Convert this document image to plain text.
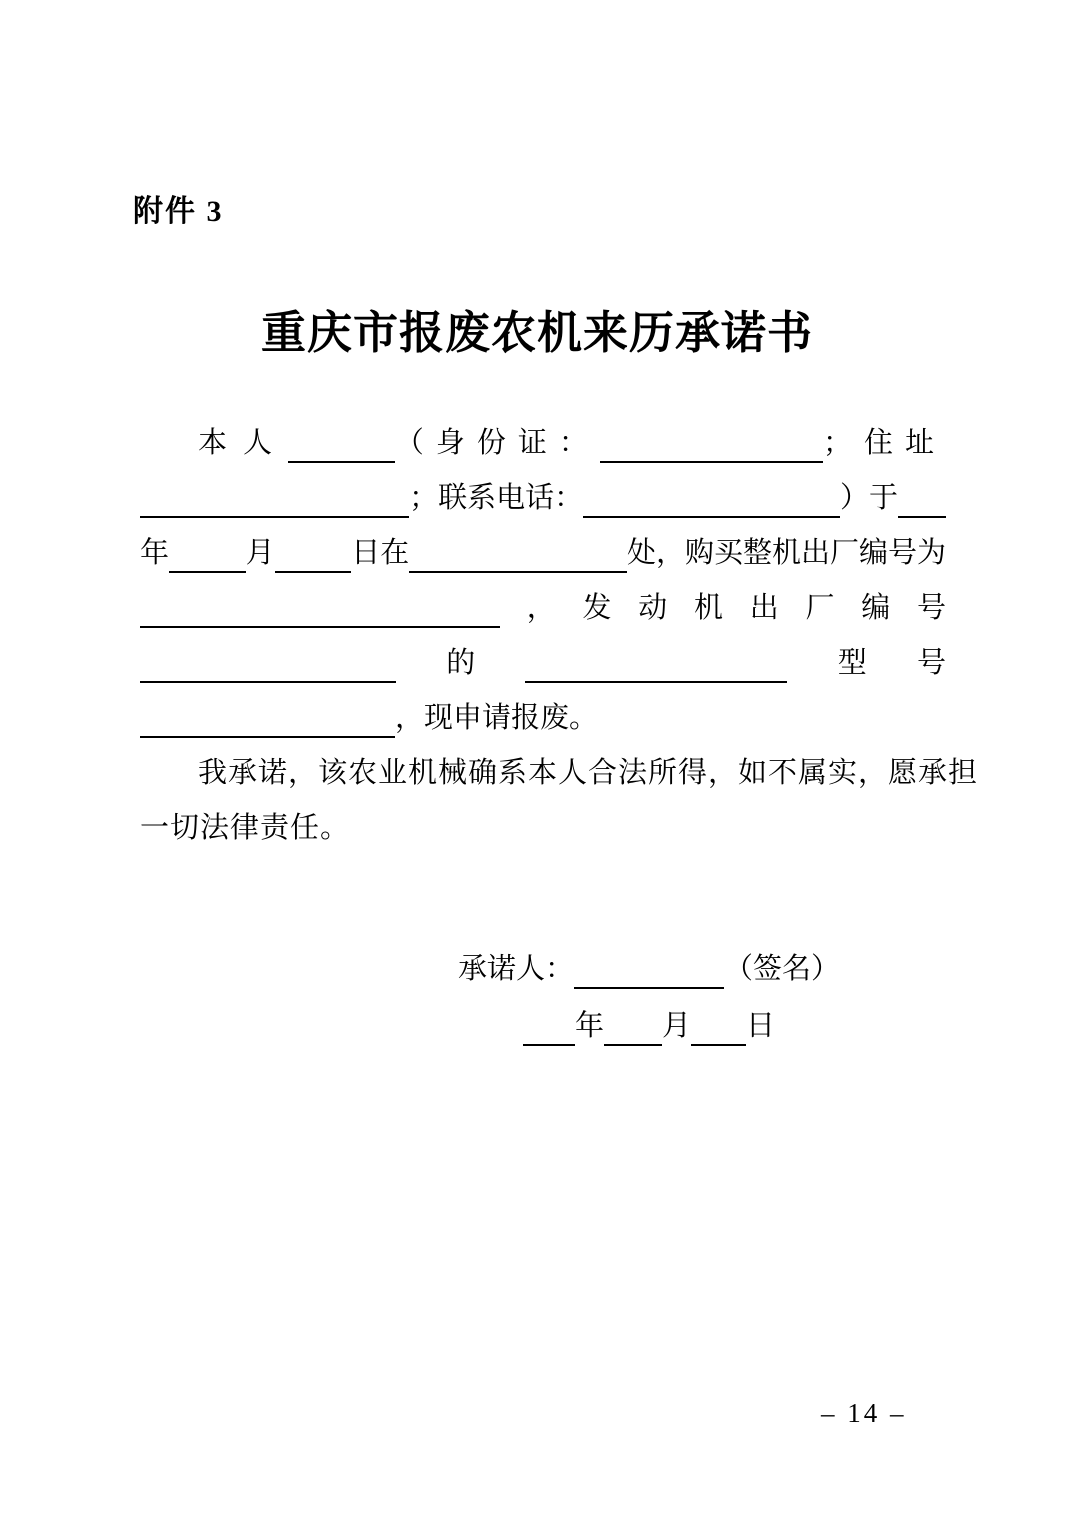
附件 3
重庆市报废农机来历承诺书
本人	（身份证：	；住址
；联系电话：	）于
年	月	日在	处，购买整机出厂编号为
， 发 动 机 出 厂 编 号
的	型 号
，现申请报废。
我承诺，该农业机械确系本人合法所得，如不属实，愿承担
一切法律责任。
承诺人：	（签名）
年 月 日
– 14 –
